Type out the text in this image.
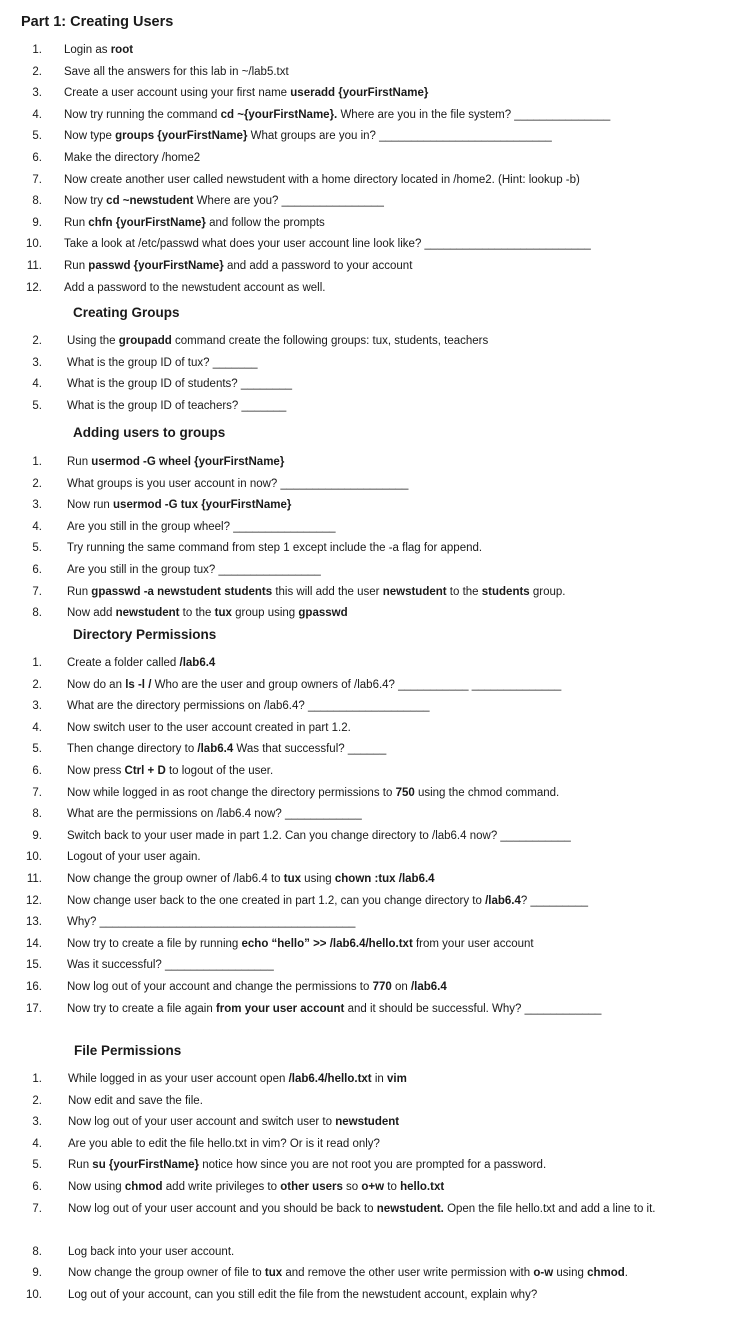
Part 1: Creating Users
1. Login as root
2. Save all the answers for this lab in ~/lab5.txt
3. Create a user account using your first name useradd {yourFirstName}
4. Now try running the command cd ~{yourFirstName}. Where are you in the file system? _______________
5. Now type groups {yourFirstName} What groups are you in? ___________________________
6. Make the directory /home2
7. Now create another user called newstudent with a home directory located in /home2. (Hint: lookup -b)
8. Now try cd ~newstudent Where are you? ________________
9. Run chfn {yourFirstName} and follow the prompts
10. Take a look at /etc/passwd what does your user account line look like? __________________________
11. Run passwd {yourFirstName} and add a password to your account
12. Add a password to the newstudent account as well.
Creating Groups
2. Using the groupadd command create the following groups: tux, students, teachers
3. What is the group ID of tux? _______
4. What is the group ID of students? ________
5. What is the group ID of teachers? _______
Adding users to groups
1. Run usermod -G wheel {yourFirstName}
2. What groups is you user account in now? ____________________
3. Now run usermod -G tux {yourFirstName}
4. Are you still in the group wheel? ________________
5. Try running the same command from step 1 except include the -a flag for append.
6. Are you still in the group tux? ________________
7. Run gpasswd -a newstudent students this will add the user newstudent to the students group.
8. Now add newstudent to the tux group using gpasswd
Directory Permissions
1. Create a folder called /lab6.4
2. Now do an ls -l / Who are the user and group owners of /lab6.4? ___________ ______________
3. What are the directory permissions on /lab6.4? ___________________
4. Now switch user to the user account created in part 1.2.
5. Then change directory to /lab6.4 Was that successful? ______
6. Now press Ctrl + D to logout of the user.
7. Now while logged in as root change the directory permissions to 750 using the chmod command.
8. What are the permissions on /lab6.4 now? ____________
9. Switch back to your user made in part 1.2. Can you change directory to /lab6.4 now? ___________
10. Logout of your user again.
11. Now change the group owner of /lab6.4 to tux using chown :tux /lab6.4
12. Now change user back to the one created in part 1.2, can you change directory to /lab6.4? _________
13. Why? ________________________________________
14. Now try to create a file by running echo “hello” >> /lab6.4/hello.txt from your user account
15. Was it successful? _________________
16. Now log out of your account and change the permissions to 770 on /lab6.4
17. Now try to create a file again from your user account and it should be successful. Why? ____________
File Permissions
1. While logged in as your user account open /lab6.4/hello.txt in vim
2. Now edit and save the file.
3. Now log out of your user account and switch user to newstudent
4. Are you able to edit the file hello.txt in vim? Or is it read only?
5. Run su {yourFirstName} notice how since you are not root you are prompted for a password.
6. Now using chmod add write privileges to other users so o+w to hello.txt
7. Now log out of your user account and you should be back to newstudent. Open the file hello.txt and add a line to it.
8. Log back into your user account.
9. Now change the group owner of file to tux and remove the other user write permission with o-w using chmod.
10. Log out of your account, can you still edit the file from the newstudent account, explain why?
